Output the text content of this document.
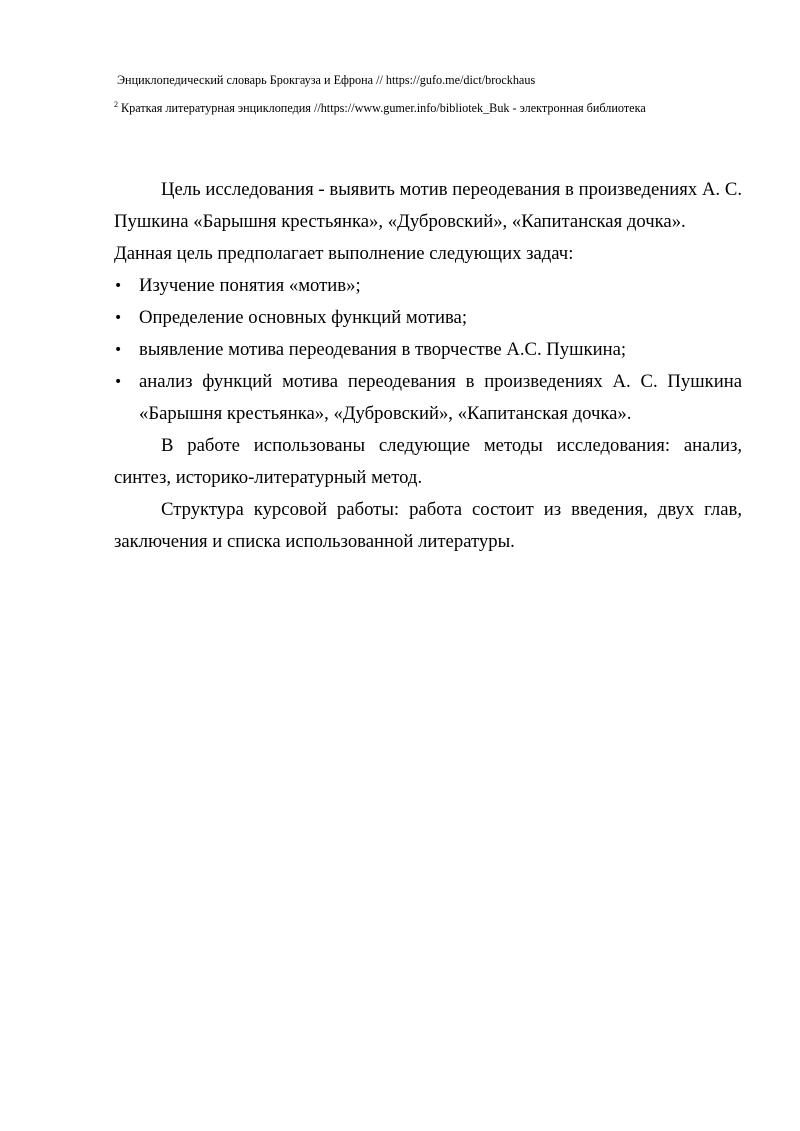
Энциклопедический словарь Брокгауза и Ефрона // https://gufo.me/dict/brockhaus
$^2$ Краткая литературная энциклопедия //https://www.gumer.info/bibliotek_Buk - электронная библиотека

Цель исследования - выявить мотив переодевания в произведениях А. С. Пушкина «Барышня крестьянка», «Дубровский», «Капитанская дочка».

Данная цель предполагает выполнение следующих задач:

• Изучение понятия «мотив»;
• Определение основных функций мотива;
• выявление мотива переодевания в творчестве А.С. Пушкина;
• анализ функций мотива переодевания в произведениях А. С. Пушкина «Барышня крестьянка», «Дубровский», «Капитанская дочка».

В работе использованы следующие методы исследования: анализ, синтез, историко-литературный метод.

Структура курсовой работы: работа состоит из введения, двух глав, заключения и списка использованной литературы.
